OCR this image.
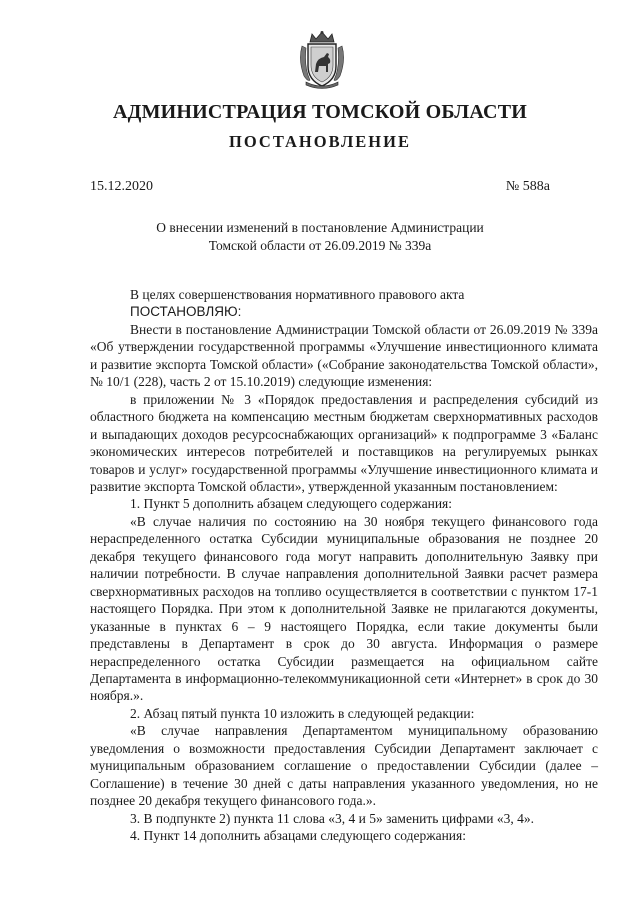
АДМИНИСТРАЦИЯ ТОМСКОЙ ОБЛАСТИ
ПОСТАНОВЛЕНИЕ
15.12.2020	№ 588а
О внесении изменений в постановление Администрации
Томской области от 26.09.2019 № 339а

В целях совершенствования нормативного правового акта

ПОСТАНОВЛЯЮ:

Внести в постановление Администрации Томской области от 26.09.2019 № 339а «Об утверждении государственной программы «Улучшение инвестиционного климата и развитие экспорта Томской области» («Собрание законодательства Томской области», № 10/1 (228), часть 2 от 15.10.2019) следующие изменения:

в приложении № 3 «Порядок предоставления и распределения субсидий из областного бюджета на компенсацию местным бюджетам сверхнормативных расходов и выпадающих доходов ресурсоснабжающих организаций» к подпрограмме 3 «Баланс экономических интересов потребителей и поставщиков на регулируемых рынках товаров и услуг» государственной программы «Улучшение инвестиционного климата и развитие экспорта Томской области», утвержденной указанным постановлением:

1. Пункт 5 дополнить абзацем следующего содержания:

«В случае наличия по состоянию на 30 ноября текущего финансового года нераспределенного остатка Субсидии муниципальные образования не позднее 20 декабря текущего финансового года могут направить дополнительную Заявку при наличии потребности. В случае направления дополнительной Заявки расчет размера сверхнормативных расходов на топливо осуществляется в соответствии с пунктом 17-1 настоящего Порядка. При этом к дополнительной Заявке не прилагаются документы, указанные в пунктах 6 – 9 настоящего Порядка, если такие документы были представлены в Департамент в срок до 30 августа. Информация о размере нераспределенного остатка Субсидии размещается на официальном сайте Департамента в информационно-телекоммуникационной сети «Интернет» в срок до 30 ноября.».

2. Абзац пятый пункта 10 изложить в следующей редакции:

«В случае направления Департаментом муниципальному образованию уведомления о возможности предоставления Субсидии Департамент заключает с муниципальным образованием соглашение о предоставлении Субсидии (далее – Соглашение) в течение 30 дней с даты направления указанного уведомления, но не позднее 20 декабря текущего финансового года.».

3. В подпункте 2) пункта 11 слова «3, 4 и 5» заменить цифрами «3, 4».

4. Пункт 14 дополнить абзацами следующего содержания:
